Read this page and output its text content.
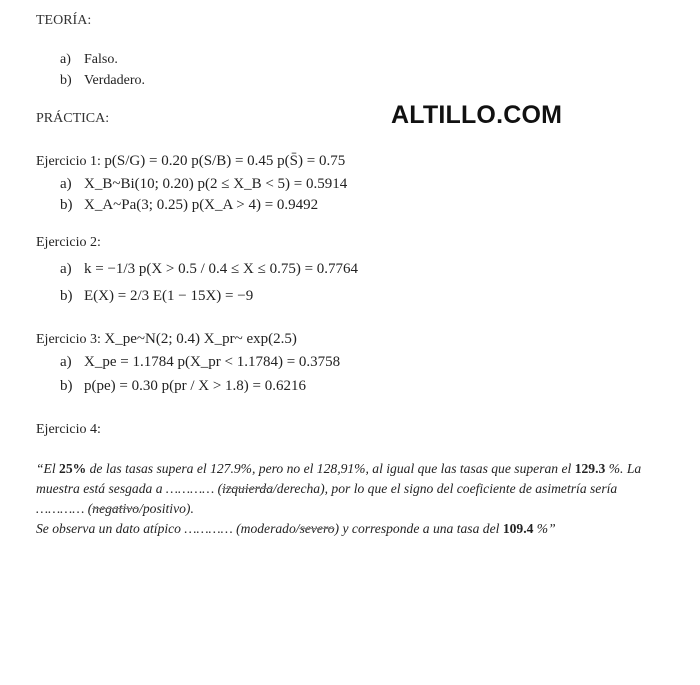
TEORÍA:
a) Falso.
b) Verdadero.
ALTILLO.COM
PRÁCTICA:
Ejercicio 1: p(S/G) = 0.20 p(S/B) = 0.45 p(S̄) = 0.75
a) X_B~Bi(10; 0.20) p(2 ≤ X_B < 5) = 0.5914
b) X_A~Pa(3; 0.25) p(X_A > 4) = 0.9492
Ejercicio 2:
a) k = −1/3 p(X > 0.5 / 0.4 ≤ X ≤ 0.75) = 0.7764
b) E(X) = 2/3 E(1 − 15X) = −9
Ejercicio 3: X_pe~N(2; 0.4) X_pr~ exp(2.5)
a) X_pe = 1.1784 p(X_pr < 1.1784) = 0.3758
b) p(pe) = 0.30 p(pr / X > 1.8) = 0.6216
Ejercicio 4:
“El 25% de las tasas supera el 127.9%, pero no el 128,91%, al igual que las tasas que superan el 129.3 %. La muestra está sesgada a ………… (izquierda/derecha), por lo que el signo del coeficiente de asimetría sería ………… (negativo/positivo).
Se observa un dato atípico ………… (moderado/severo) y corresponde a una tasa del 109.4 %”
